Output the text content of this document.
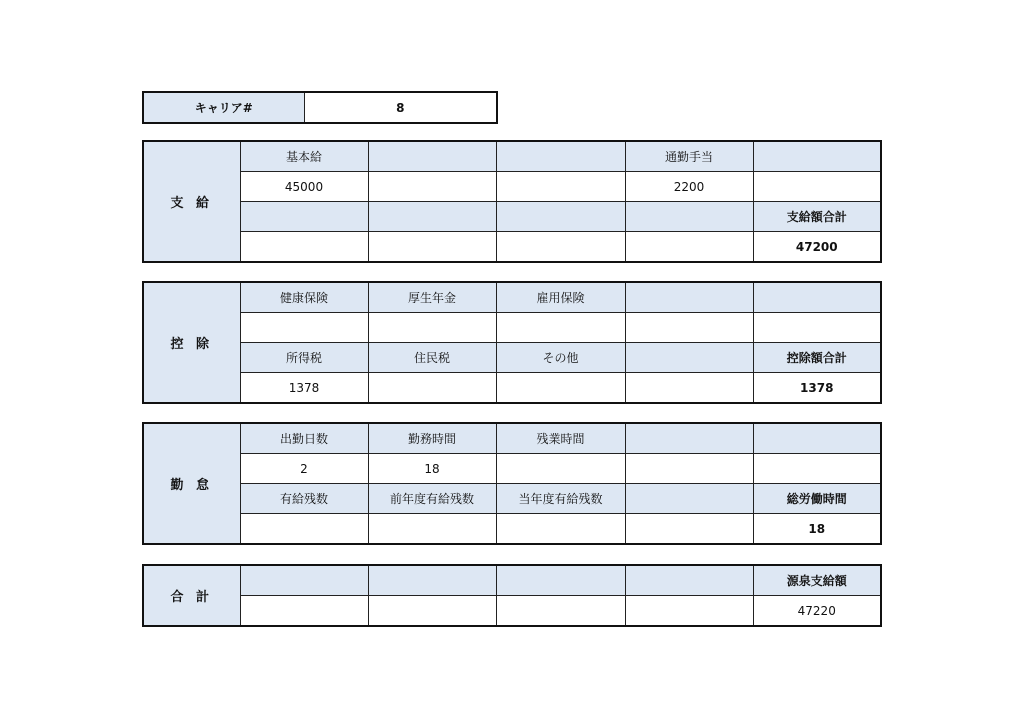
キャリア#	8
支 給	基本給			通勤手当	
	45000			2200	
					支給額合計
					47200
控 除	健康保険	厚生年金	雇用保険		

	所得税	住民税	その他		控除額合計
	1378				1378
勤 怠	出勤日数	勤務時間	残業時間		
	2	18			
	有給残数	前年度有給残数	当年度有給残数		総労働時間
					18
合 計					源泉支給額
					47220
